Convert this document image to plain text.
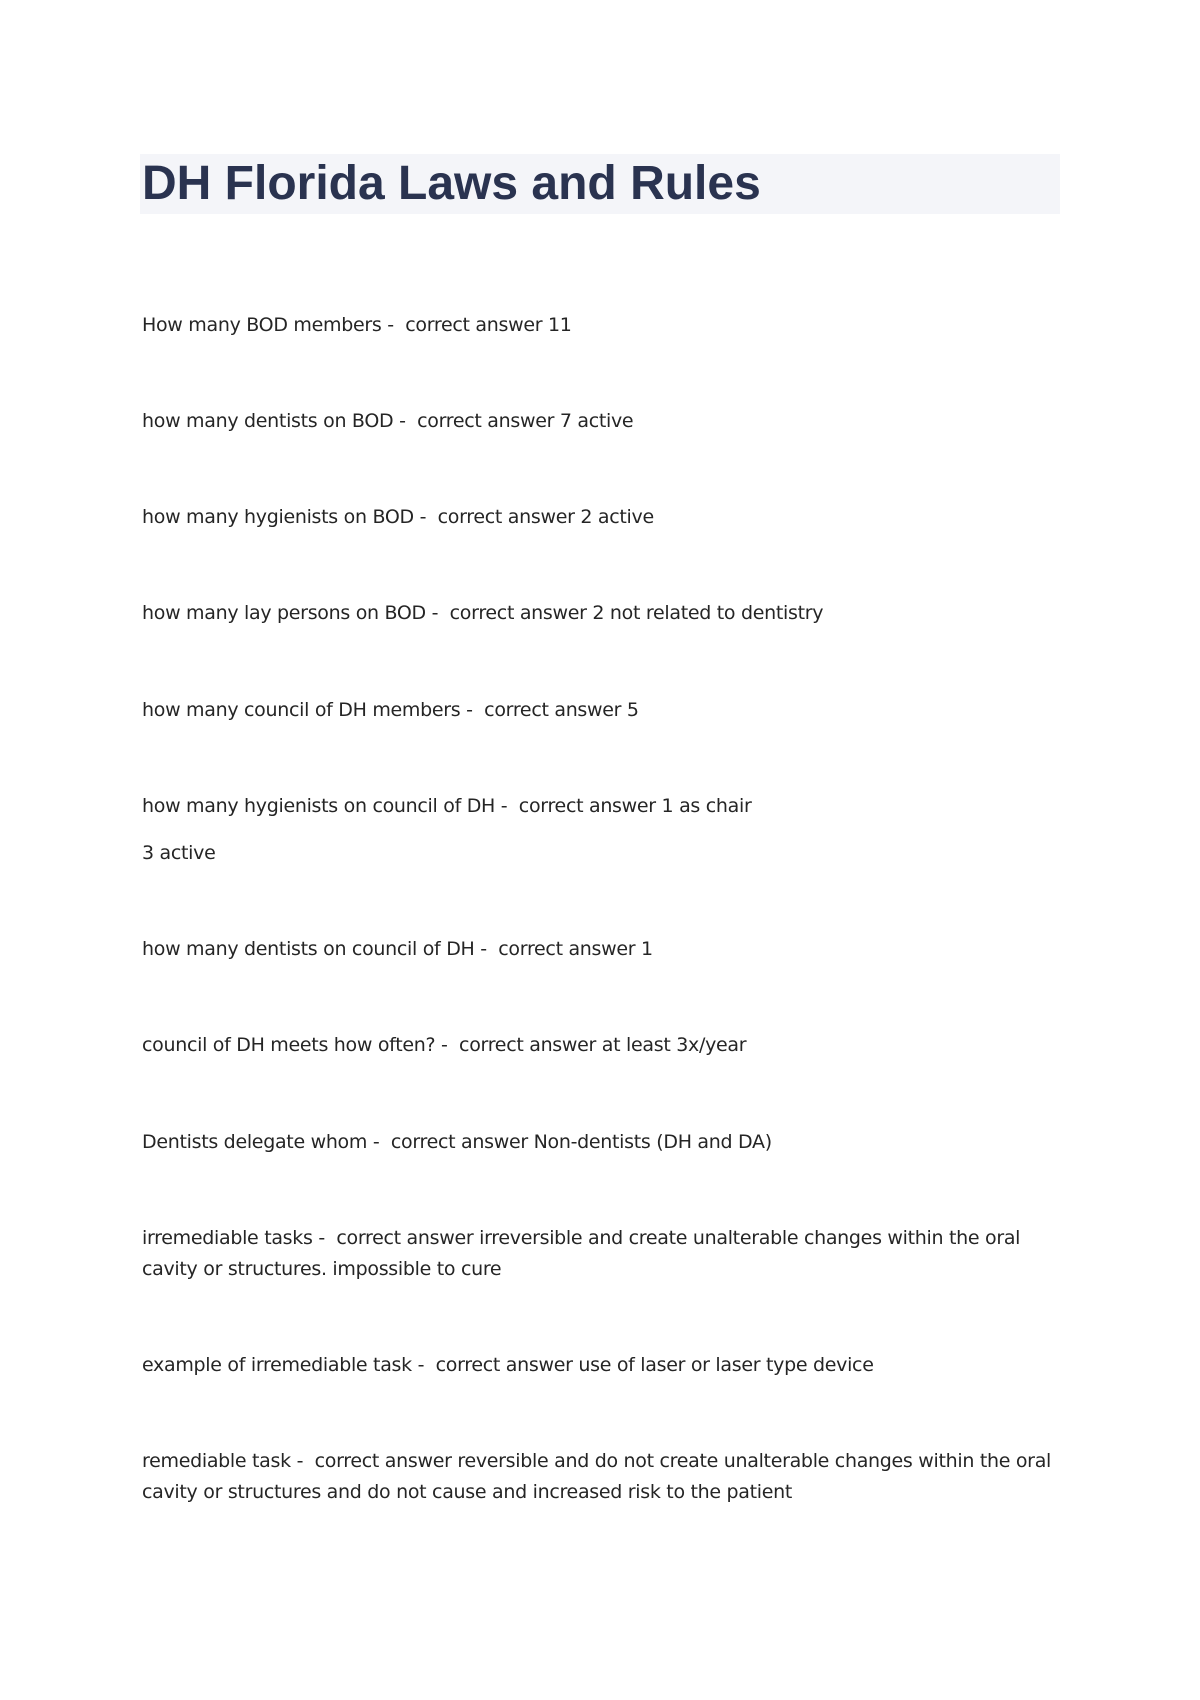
DH Florida Laws and Rules

How many BOD members -  correct answer 11

how many dentists on BOD -  correct answer 7 active

how many hygienists on BOD -  correct answer 2 active

how many lay persons on BOD -  correct answer 2 not related to dentistry

how many council of DH members -  correct answer 5

how many hygienists on council of DH -  correct answer 1 as chair
3 active

how many dentists on council of DH -  correct answer 1

council of DH meets how often? -  correct answer at least 3x/year

Dentists delegate whom -  correct answer Non-dentists (DH and DA)

irremediable tasks -  correct answer irreversible and create unalterable changes within the oral cavity or structures. impossible to cure

example of irremediable task -  correct answer use of laser or laser type device

remediable task -  correct answer reversible and do not create unalterable changes within the oral cavity or structures and do not cause and increased risk to the patient
